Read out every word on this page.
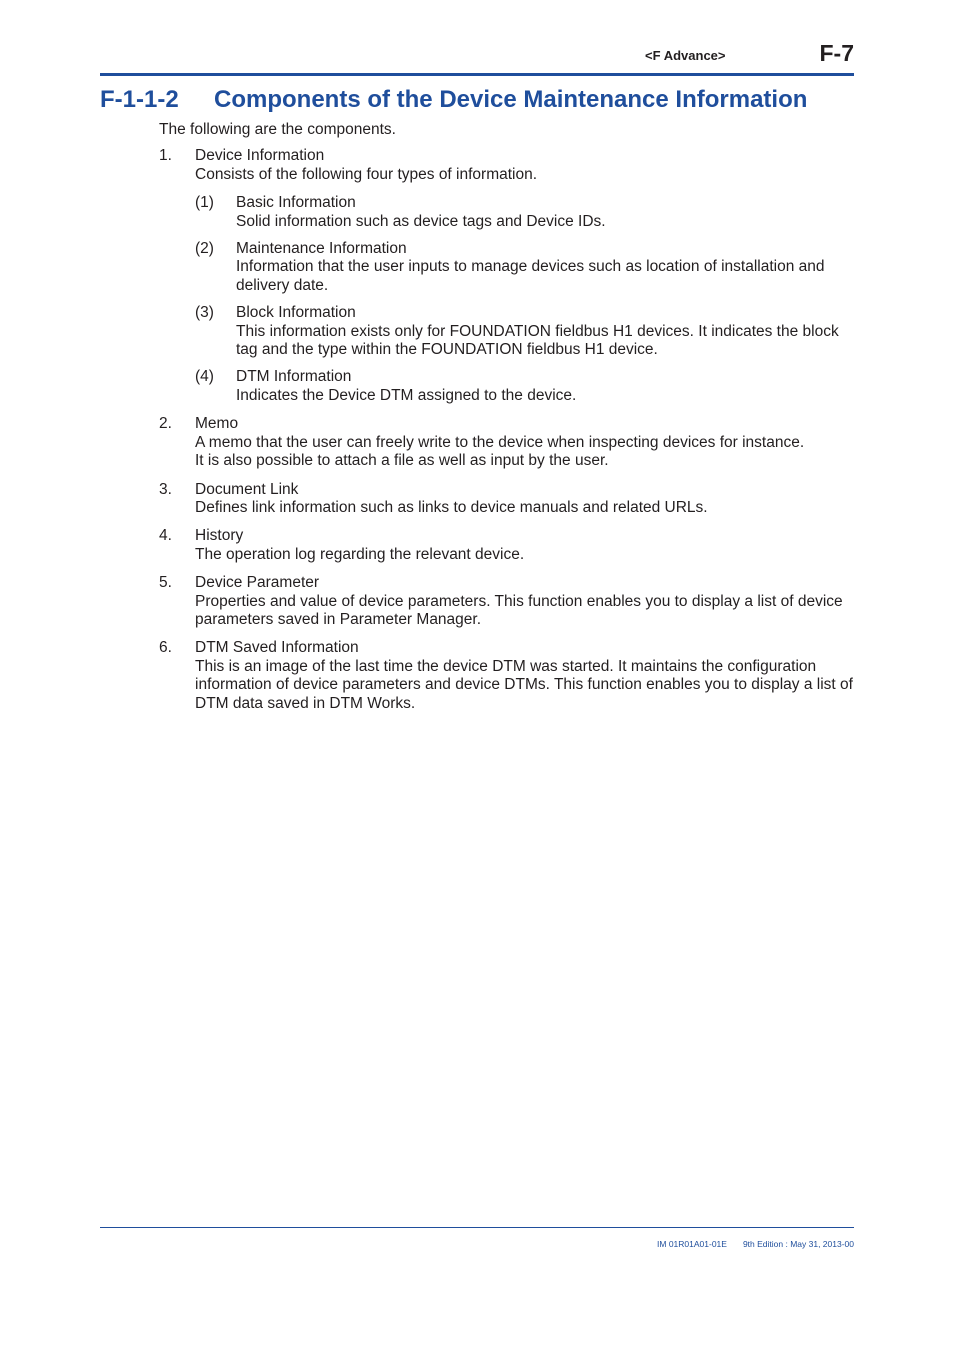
<F Advance>	F-7
F-1-1-2 Components of the Device Maintenance Information

The following are the components.

1.	Device Information

Consists of the following four types of information.

(1)	Basic Information

Solid information such as device tags and Device IDs.

(2)	Maintenance Information

Information that the user inputs to manage devices such as location of installation and delivery date.

(3)	Block Information

This information exists only for FOUNDATION fieldbus H1 devices. It indicates the block tag and the type within the FOUNDATION fieldbus H1 device.

(4)	DTM Information

Indicates the Device DTM assigned to the device.

2.	Memo

A memo that the user can freely write to the device when inspecting devices for instance.

It is also possible to attach a file as well as input by the user.

3.	Document Link

Defines link information such as links to device manuals and related URLs.

4.	History

The operation log regarding the relevant device.

5.	Device Parameter

Properties and value of device parameters. This function enables you to display a list of device parameters saved in Parameter Manager.

6.	DTM Saved Information

This is an image of the last time the device DTM was started. It maintains the configuration information of device parameters and device DTMs. This function enables you to display a list of DTM data saved in DTM Works.

IM 01R01A01-01E 9th Edition : May 31, 2013-00
